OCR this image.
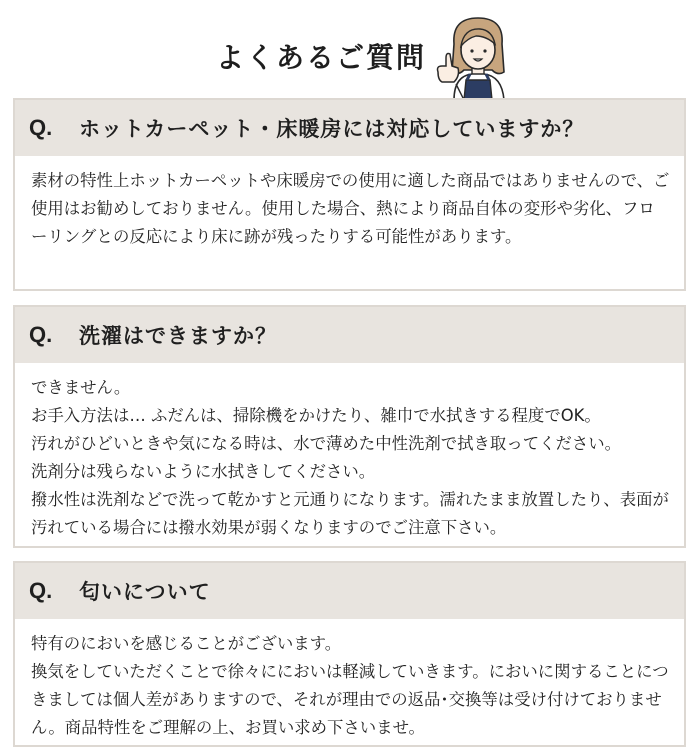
よくあるご質問
Q.	ホットカーペット・床暖房には対応していますか？

素材の特性上ホットカーペットや床暖房での使用に適した商品ではありませんので、ご使用はお勧めしておりません。使用した場合、熱により商品自体の変形や劣化、フローリングとの反応により床に跡が残ったりする可能性があります。

Q.	洗濯はできますか？

できません。
お手入方法は… ふだんは、掃除機をかけたり、雑巾で水拭きする程度でOK。
汚れがひどいときや気になる時は、水で薄めた中性洗剤で拭き取ってください。
洗剤分は残らないように水拭きしてください。
撥水性は洗剤などで洗って乾かすと元通りになります。濡れたまま放置したり、表面が汚れている場合には撥水効果が弱くなりますのでご注意下さい。

Q.	匂いについて

特有のにおいを感じることがございます。
換気をしていただくことで徐々ににおいは軽減していきます。においに関することにつきましては個人差がありますので、それが理由での返品･交換等は受け付けておりません。商品特性をご理解の上、お買い求め下さいませ。
